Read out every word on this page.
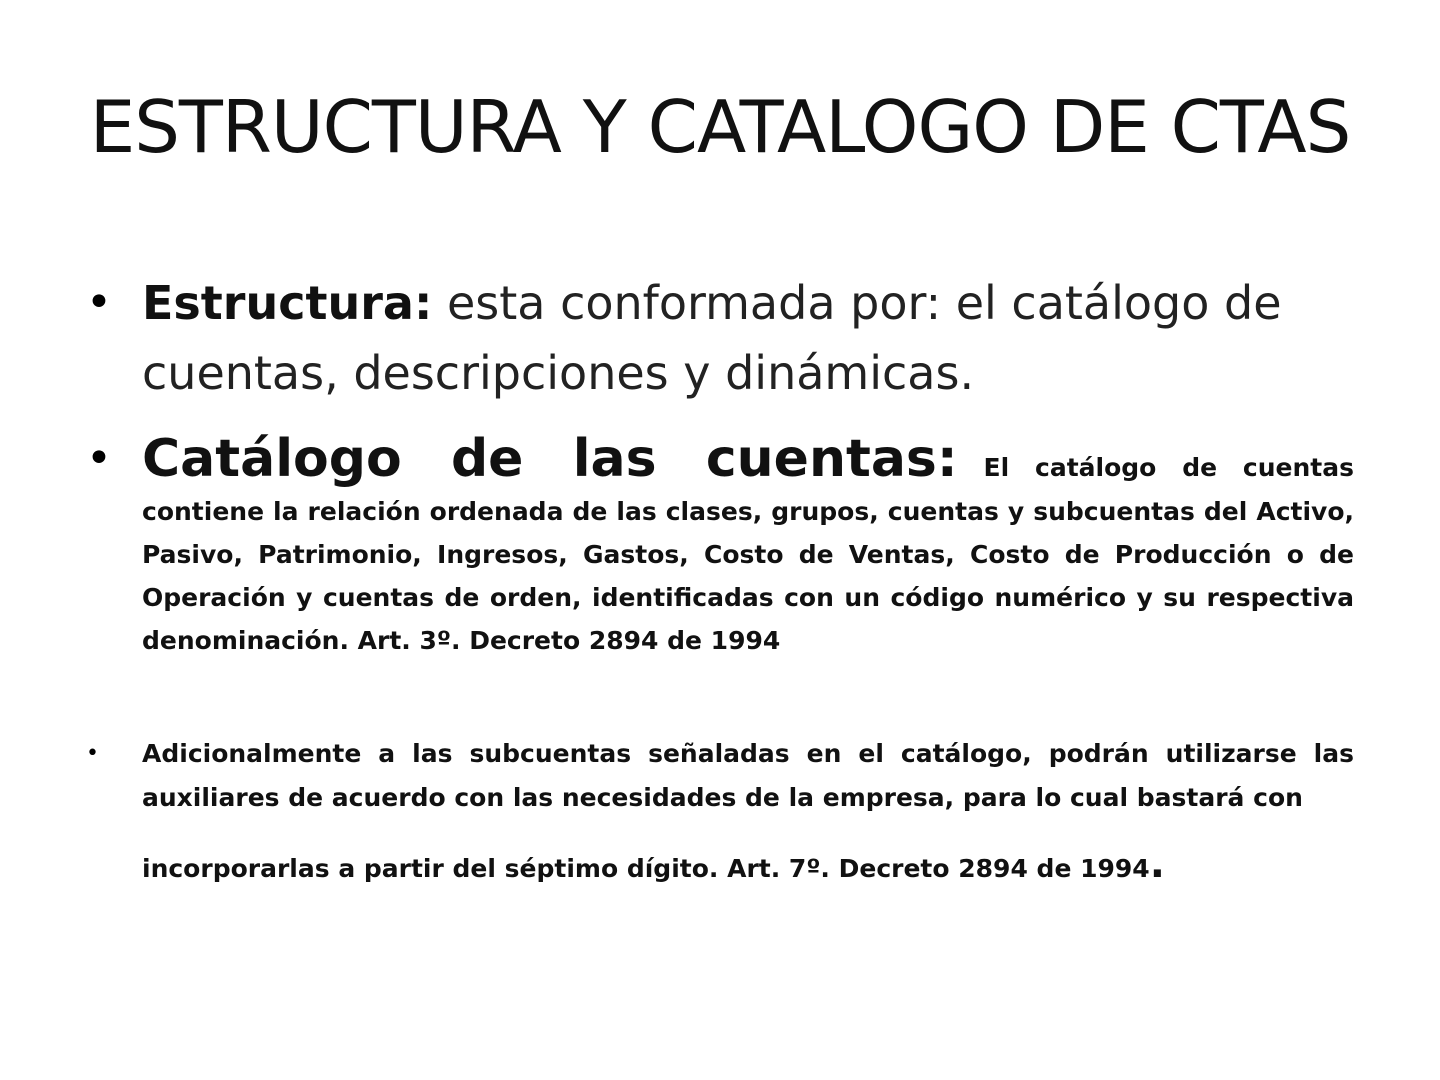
ESTRUCTURA Y CATALOGO DE CTAS
• Estructura: esta conformada por: el catálogo de cuentas, descripciones y dinámicas.
• Catálogo de las cuentas: El catálogo de cuentas contiene la relación ordenada de las clases, grupos, cuentas y subcuentas del Activo, Pasivo, Patrimonio, Ingresos, Gastos, Costo de Ventas, Costo de Producción o de Operación y cuentas de orden, identificadas con un código numérico y su respectiva denominación. Art. 3º. Decreto 2894 de 1994
• Adicionalmente a las subcuentas señaladas en el catálogo, podrán utilizarse las auxiliares de acuerdo con las necesidades de la empresa, para lo cual bastará con
incorporarlas a partir del séptimo dígito. Art. 7º. Decreto 2894 de 1994.
